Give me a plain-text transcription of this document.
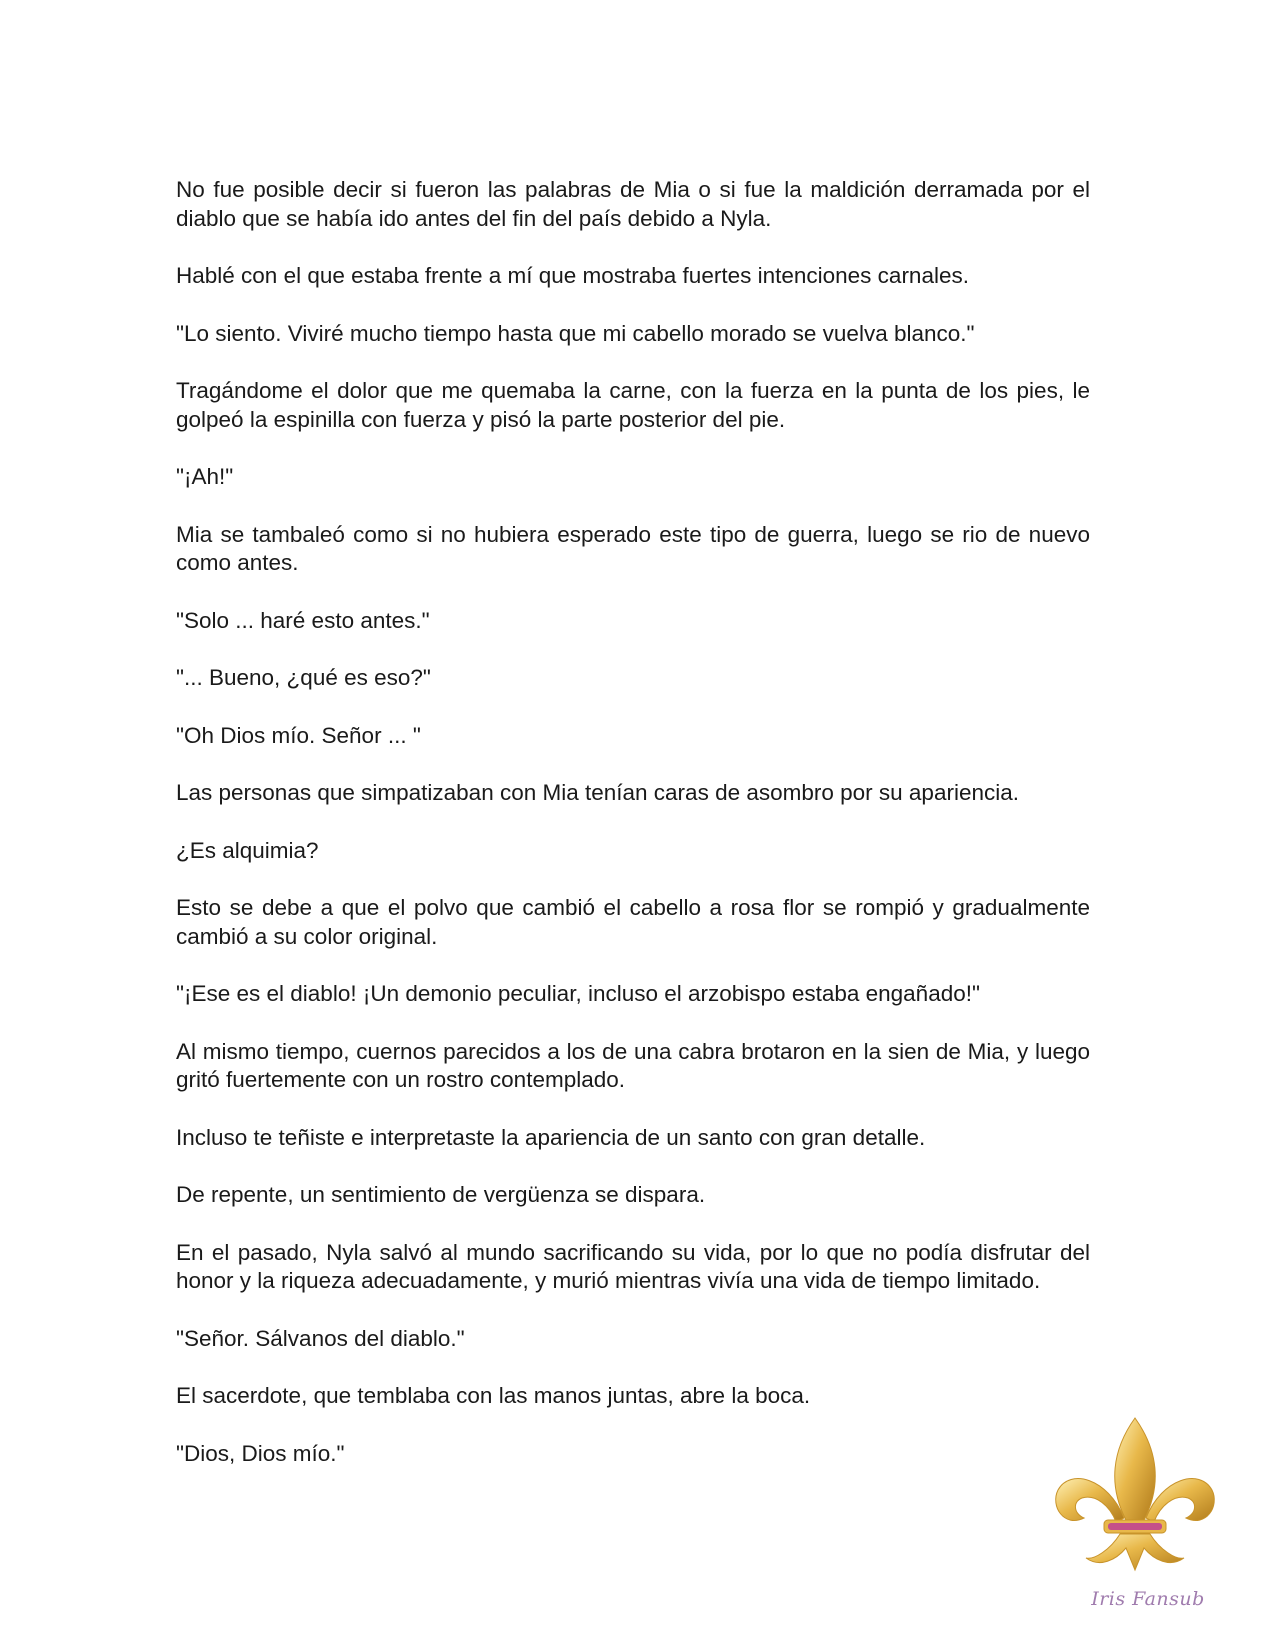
No fue posible decir si fueron las palabras de Mia o si fue la maldición derramada por el diablo que se había ido antes del fin del país debido a Nyla.

Hablé con el que estaba frente a mí que mostraba fuertes intenciones carnales.

"Lo siento. Viviré mucho tiempo hasta que mi cabello morado se vuelva blanco."

Tragándome el dolor que me quemaba la carne, con la fuerza en la punta de los pies, le golpeó la espinilla con fuerza y pisó la parte posterior del pie.

"¡Ah!"

Mia se tambaleó como si no hubiera esperado este tipo de guerra, luego se rio de nuevo como antes.

"Solo ... haré esto antes."

"... Bueno, ¿qué es eso?"

"Oh Dios mío. Señor ... "

Las personas que simpatizaban con Mia tenían caras de asombro por su apariencia.

¿Es alquimia?

Esto se debe a que el polvo que cambió el cabello a rosa flor se rompió y gradualmente cambió a su color original.

"¡Ese es el diablo! ¡Un demonio peculiar, incluso el arzobispo estaba engañado!"

Al mismo tiempo, cuernos parecidos a los de una cabra brotaron en la sien de Mia, y luego gritó fuertemente con un rostro contemplado.

Incluso te teñiste e interpretaste la apariencia de un santo con gran detalle.

De repente, un sentimiento de vergüenza se dispara.

En el pasado, Nyla salvó al mundo sacrificando su vida, por lo que no podía disfrutar del honor y la riqueza adecuadamente, y murió mientras vivía una vida de tiempo limitado.

"Señor. Sálvanos del diablo."

El sacerdote, que temblaba con las manos juntas, abre la boca.

"Dios, Dios mío."

Iris Fansub
